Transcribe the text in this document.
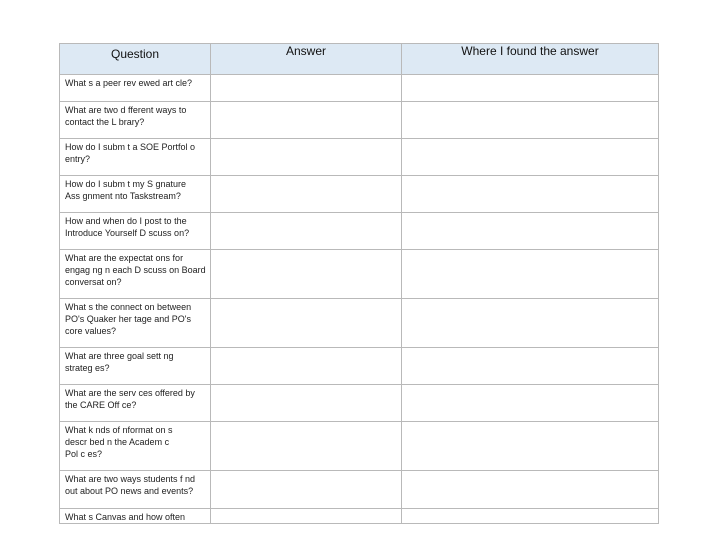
Question	Answer	Where I found the answer

What s a peer rev ewed art cle?		

What are two d fferent ways to
contact the L brary?		

How do I subm t a SOE Portfol o
entry?		

How do I subm t my S gnature
Ass gnment nto Taskstream?		

How and when do I post to the
Introduce Yourself D scuss on?		

What are the expectat ons for
engag ng n each D scuss on Board
conversat on?		

What s the connect on between
PO's Quaker her tage and PO's
core values?		

What are three goal sett ng
strateg es?		

What are the serv ces offered by
the CARE Off ce?		

What k nds of nformat on s
descr bed n the Academ c
Pol c es?		

What are two ways students f nd
out about PO news and events?		

What s Canvas and how often		
